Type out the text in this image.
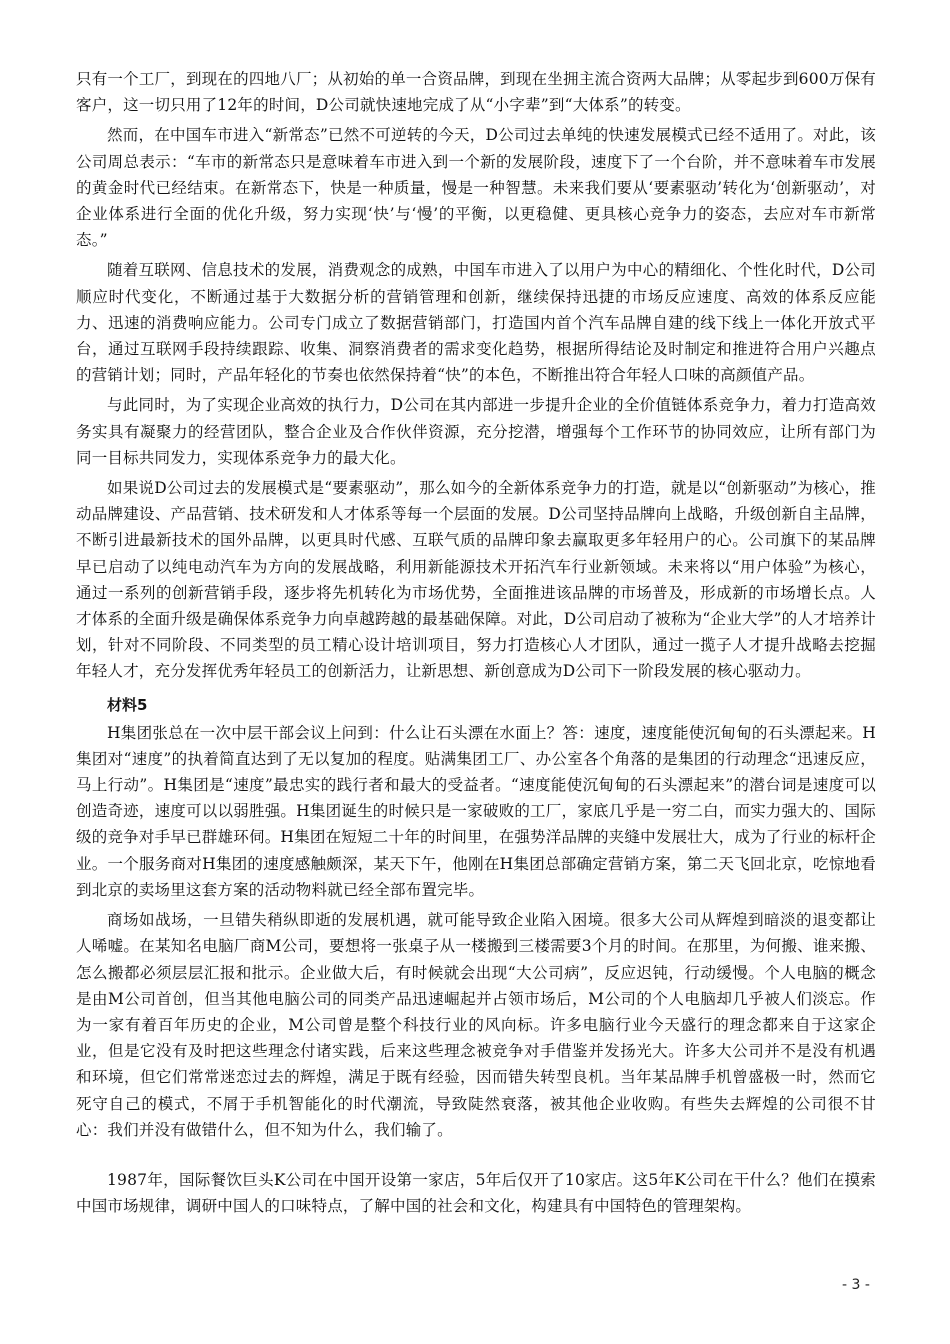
只有一个工厂，到现在的四地八厂；从初始的单一合资品牌，到现在坐拥主流合资两大品牌；从零起步到600万保有客户，这一切只用了12年的时间，D公司就快速地完成了从“小字辈”到“大体系”的转变。

然而，在中国车市进入“新常态”已然不可逆转的今天，D公司过去单纯的快速发展模式已经不适用了。对此，该公司周总表示：“车市的新常态只是意味着车市进入到一个新的发展阶段，速度下了一个台阶，并不意味着车市发展的黄金时代已经结束。在新常态下，快是一种质量，慢是一种智慧。未来我们要从‘要素驱动’转化为‘创新驱动’，对企业体系进行全面的优化升级，努力实现‘快’与‘慢’的平衡，以更稳健、更具核心竞争力的姿态，去应对车市新常态。”

随着互联网、信息技术的发展，消费观念的成熟，中国车市进入了以用户为中心的精细化、个性化时代，D公司顺应时代变化，不断通过基于大数据分析的营销管理和创新，继续保持迅捷的市场反应速度、高效的体系反应能力、迅速的消费响应能力。公司专门成立了数据营销部门，打造国内首个汽车品牌自建的线下线上一体化开放式平台，通过互联网手段持续跟踪、收集、洞察消费者的需求变化趋势，根据所得结论及时制定和推进符合用户兴趣点的营销计划；同时，产品年轻化的节奏也依然保持着“快”的本色，不断推出符合年轻人口味的高颜值产品。

与此同时，为了实现企业高效的执行力，D公司在其内部进一步提升企业的全价值链体系竞争力，着力打造高效务实具有凝聚力的经营团队，整合企业及合作伙伴资源，充分挖潜，增强每个工作环节的协同效应，让所有部门为同一目标共同发力，实现体系竞争力的最大化。

如果说D公司过去的发展模式是“要素驱动”，那么如今的全新体系竞争力的打造，就是以“创新驱动”为核心，推动品牌建设、产品营销、技术研发和人才体系等每一个层面的发展。D公司坚持品牌向上战略，升级创新自主品牌，不断引进最新技术的国外品牌，以更具时代感、互联气质的品牌印象去赢取更多年轻用户的心。公司旗下的某品牌早已启动了以纯电动汽车为方向的发展战略，利用新能源技术开拓汽车行业新领域。未来将以“用户体验”为核心，通过一系列的创新营销手段，逐步将先机转化为市场优势，全面推进该品牌的市场普及，形成新的市场增长点。人才体系的全面升级是确保体系竞争力向卓越跨越的最基础保障。对此，D公司启动了被称为“企业大学”的人才培养计划，针对不同阶段、不同类型的员工精心设计培训项目，努力打造核心人才团队，通过一揽子人才提升战略去挖掘年轻人才，充分发挥优秀年轻员工的创新活力，让新思想、新创意成为D公司下一阶段发展的核心驱动力。

材料5

H集团张总在一次中层干部会议上问到：什么让石头漂在水面上？答：速度，速度能使沉甸甸的石头漂起来。H集团对“速度”的执着简直达到了无以复加的程度。贴满集团工厂、办公室各个角落的是集团的行动理念“迅速反应，马上行动”。H集团是“速度”最忠实的践行者和最大的受益者。“速度能使沉甸甸的石头漂起来”的潜台词是速度可以创造奇迹，速度可以以弱胜强。H集团诞生的时候只是一家破败的工厂，家底几乎是一穷二白，而实力强大的、国际级的竞争对手早已群雄环伺。H集团在短短二十年的时间里，在强势洋品牌的夹缝中发展壮大，成为了行业的标杆企业。一个服务商对H集团的速度感触颇深，某天下午，他刚在H集团总部确定营销方案，第二天飞回北京，吃惊地看到北京的卖场里这套方案的活动物料就已经全部布置完毕。

商场如战场，一旦错失稍纵即逝的发展机遇，就可能导致企业陷入困境。很多大公司从辉煌到暗淡的退变都让人唏嘘。在某知名电脑厂商M公司，要想将一张桌子从一楼搬到三楼需要3个月的时间。在那里，为何搬、谁来搬、怎么搬都必须层层汇报和批示。企业做大后，有时候就会出现“大公司病”，反应迟钝，行动缓慢。个人电脑的概念是由M公司首创，但当其他电脑公司的同类产品迅速崛起并占领市场后，M公司的个人电脑却几乎被人们淡忘。作为一家有着百年历史的企业，M公司曾是整个科技行业的风向标。许多电脑行业今天盛行的理念都来自于这家企业，但是它没有及时把这些理念付诸实践，后来这些理念被竞争对手借鉴并发扬光大。许多大公司并不是没有机遇和环境，但它们常常迷恋过去的辉煌，满足于既有经验，因而错失转型良机。当年某品牌手机曾盛极一时，然而它死守自己的模式，不屑于手机智能化的时代潮流，导致陡然衰落，被其他企业收购。有些失去辉煌的公司很不甘心：我们并没有做错什么，但不知为什么，我们输了。

1987年，国际餐饮巨头K公司在中国开设第一家店，5年后仅开了10家店。这5年K公司在干什么？他们在摸索中国市场规律，调研中国人的口味特点，了解中国的社会和文化，构建具有中国特色的管理架构。

- 3 -
